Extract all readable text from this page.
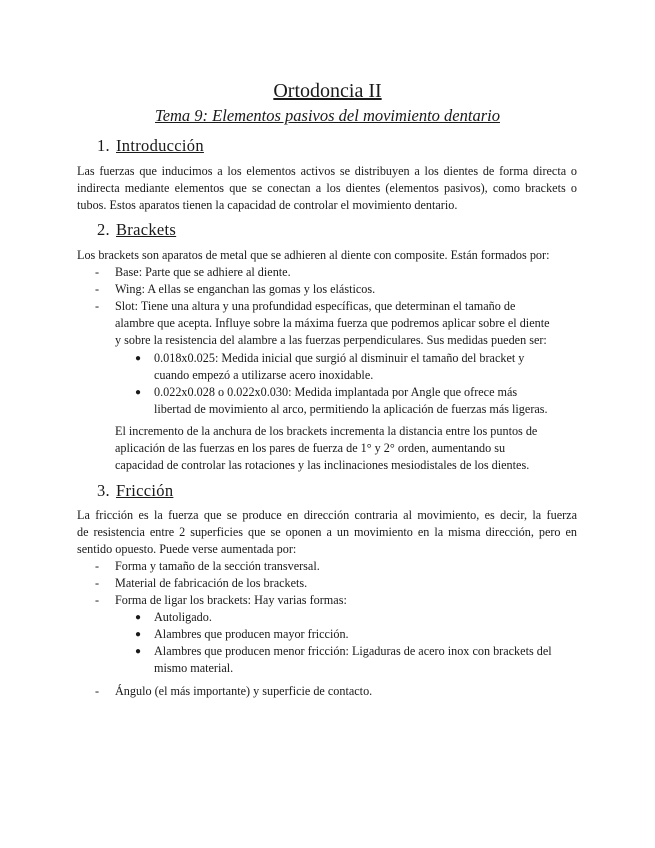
Ortodoncia II
Tema 9: Elementos pasivos del movimiento dentario
1. Introducción
Las fuerzas que inducimos a los elementos activos se distribuyen a los dientes de forma directa o
indirecta mediante elementos que se conectan a los dientes (elementos pasivos), como brackets o
tubos. Estos aparatos tienen la capacidad de controlar el movimiento dentario.
2. Brackets
Los brackets son aparatos de metal que se adhieren al diente con composite. Están formados por:
- Base: Parte que se adhiere al diente.
- Wing: A ellas se enganchan las gomas y los elásticos.
- Slot: Tiene una altura y una profundidad específicas, que determinan el tamaño de
alambre que acepta. Influye sobre la máxima fuerza que podremos aplicar sobre el diente
y sobre la resistencia del alambre a las fuerzas perpendiculares. Sus medidas pueden ser:
● 0.018x0.025: Medida inicial que surgió al disminuir el tamaño del bracket y
cuando empezó a utilizarse acero inoxidable.
● 0.022x0.028 o 0.022x0.030: Medida implantada por Angle que ofrece más
libertad de movimiento al arco, permitiendo la aplicación de fuerzas más ligeras.
El incremento de la anchura de los brackets incrementa la distancia entre los puntos de
aplicación de las fuerzas en los pares de fuerza de 1° y 2° orden, aumentando su
capacidad de controlar las rotaciones y las inclinaciones mesiodistales de los dientes.
3. Fricción
La fricción es la fuerza que se produce en dirección contraria al movimiento, es decir, la fuerza
de resistencia entre 2 superficies que se oponen a un movimiento en la misma dirección, pero en
sentido opuesto. Puede verse aumentada por:
- Forma y tamaño de la sección transversal.
- Material de fabricación de los brackets.
- Forma de ligar los brackets: Hay varias formas:
● Autoligado.
● Alambres que producen mayor fricción.
● Alambres que producen menor fricción: Ligaduras de acero inox con brackets del
mismo material.
- Ángulo (el más importante) y superficie de contacto.
